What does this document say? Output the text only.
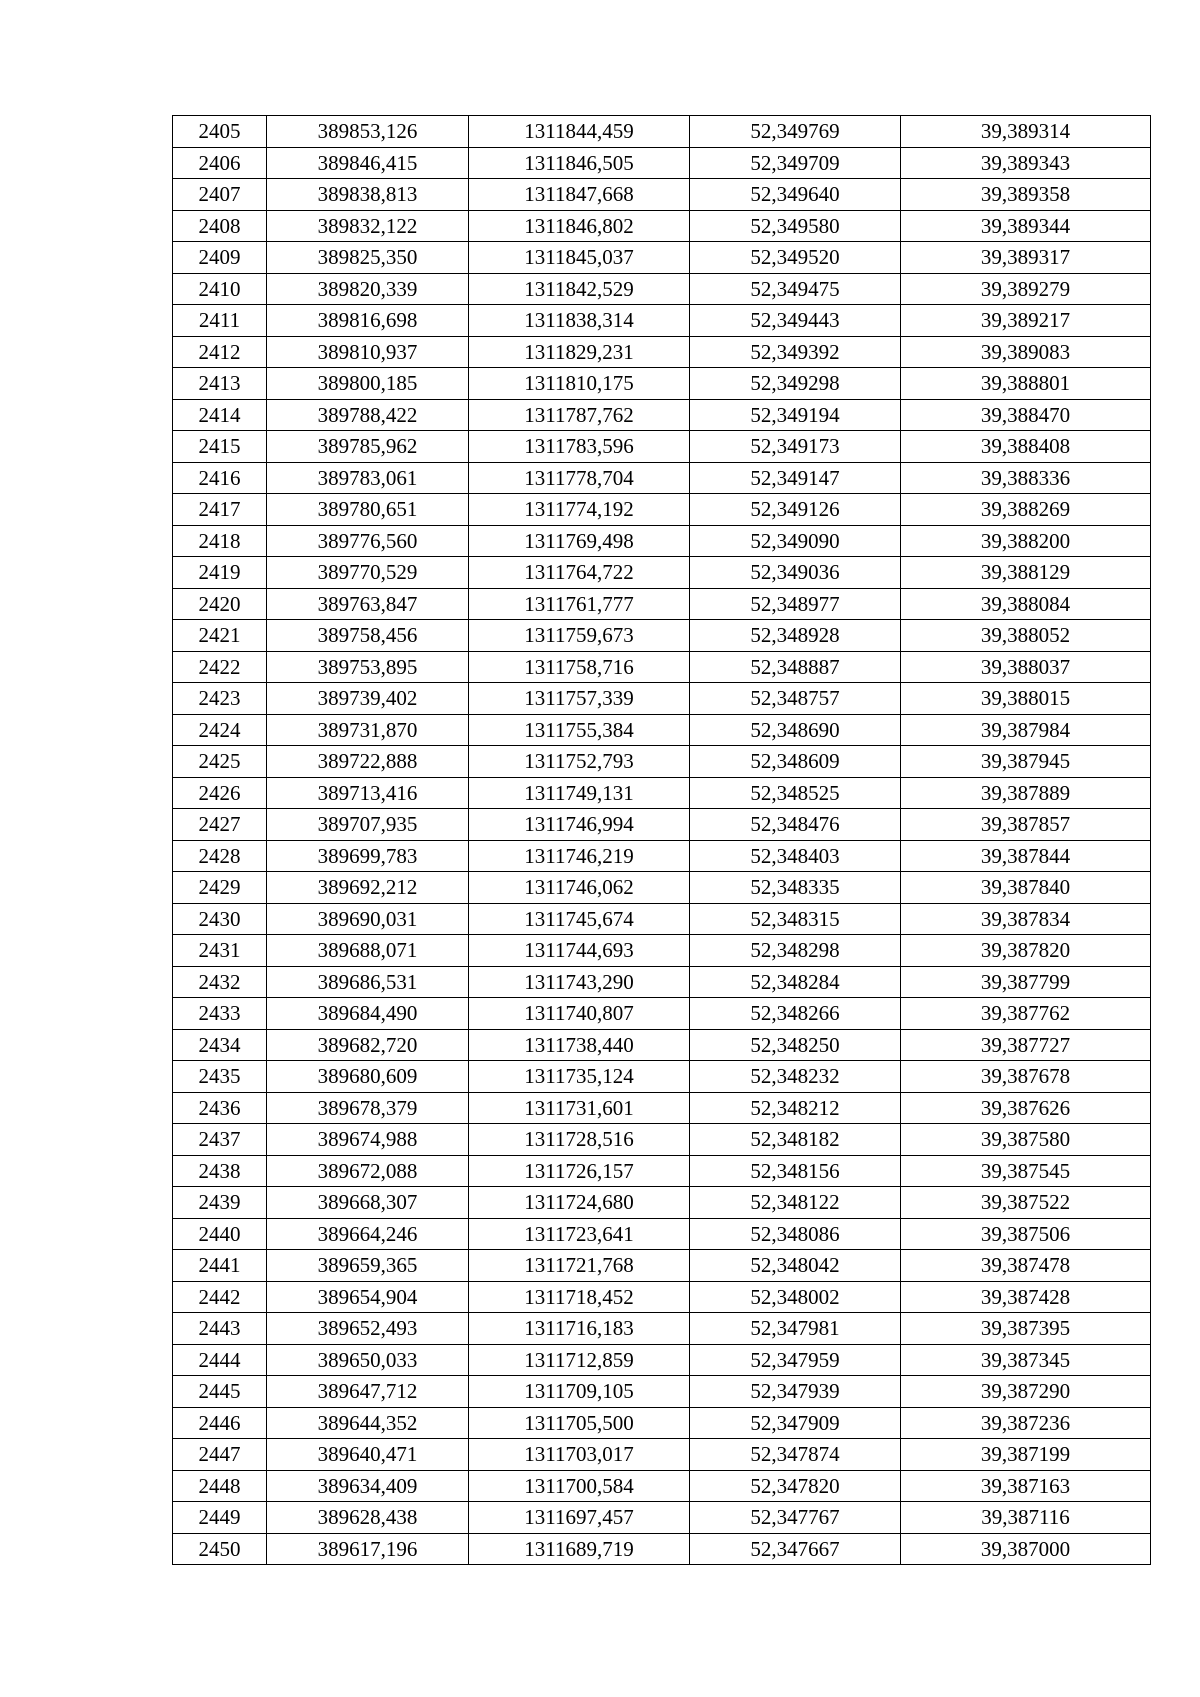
2405	389853,126	1311844,459	52,349769	39,389314
2406	389846,415	1311846,505	52,349709	39,389343
2407	389838,813	1311847,668	52,349640	39,389358
2408	389832,122	1311846,802	52,349580	39,389344
2409	389825,350	1311845,037	52,349520	39,389317
2410	389820,339	1311842,529	52,349475	39,389279
2411	389816,698	1311838,314	52,349443	39,389217
2412	389810,937	1311829,231	52,349392	39,389083
2413	389800,185	1311810,175	52,349298	39,388801
2414	389788,422	1311787,762	52,349194	39,388470
2415	389785,962	1311783,596	52,349173	39,388408
2416	389783,061	1311778,704	52,349147	39,388336
2417	389780,651	1311774,192	52,349126	39,388269
2418	389776,560	1311769,498	52,349090	39,388200
2419	389770,529	1311764,722	52,349036	39,388129
2420	389763,847	1311761,777	52,348977	39,388084
2421	389758,456	1311759,673	52,348928	39,388052
2422	389753,895	1311758,716	52,348887	39,388037
2423	389739,402	1311757,339	52,348757	39,388015
2424	389731,870	1311755,384	52,348690	39,387984
2425	389722,888	1311752,793	52,348609	39,387945
2426	389713,416	1311749,131	52,348525	39,387889
2427	389707,935	1311746,994	52,348476	39,387857
2428	389699,783	1311746,219	52,348403	39,387844
2429	389692,212	1311746,062	52,348335	39,387840
2430	389690,031	1311745,674	52,348315	39,387834
2431	389688,071	1311744,693	52,348298	39,387820
2432	389686,531	1311743,290	52,348284	39,387799
2433	389684,490	1311740,807	52,348266	39,387762
2434	389682,720	1311738,440	52,348250	39,387727
2435	389680,609	1311735,124	52,348232	39,387678
2436	389678,379	1311731,601	52,348212	39,387626
2437	389674,988	1311728,516	52,348182	39,387580
2438	389672,088	1311726,157	52,348156	39,387545
2439	389668,307	1311724,680	52,348122	39,387522
2440	389664,246	1311723,641	52,348086	39,387506
2441	389659,365	1311721,768	52,348042	39,387478
2442	389654,904	1311718,452	52,348002	39,387428
2443	389652,493	1311716,183	52,347981	39,387395
2444	389650,033	1311712,859	52,347959	39,387345
2445	389647,712	1311709,105	52,347939	39,387290
2446	389644,352	1311705,500	52,347909	39,387236
2447	389640,471	1311703,017	52,347874	39,387199
2448	389634,409	1311700,584	52,347820	39,387163
2449	389628,438	1311697,457	52,347767	39,387116
2450	389617,196	1311689,719	52,347667	39,387000
